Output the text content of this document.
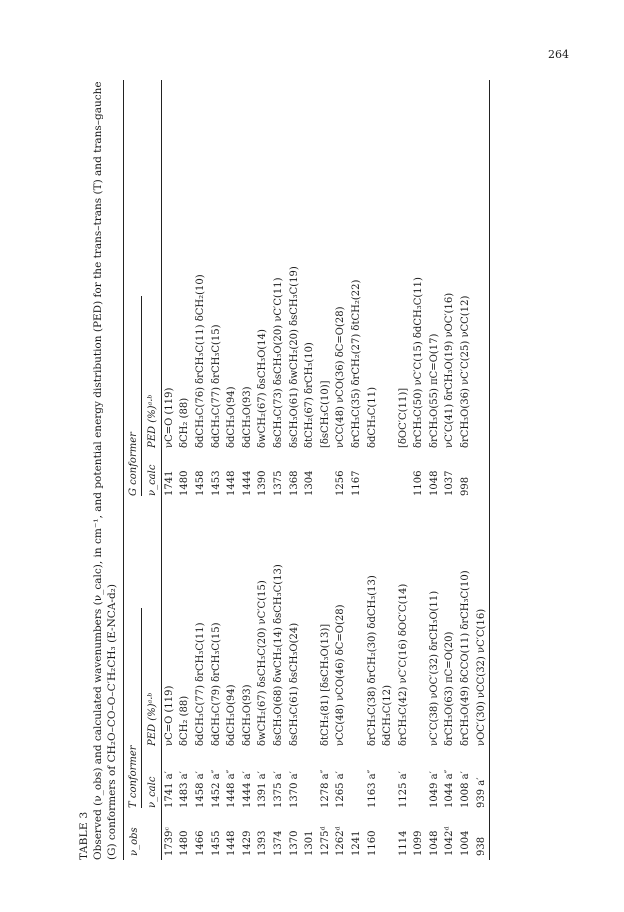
264
TABLE 3 Observed (ν_obs) and calculated wavenumbers (ν_calc), in cm⁻¹, and potential energy distribution (PED) for the trans–trans (T) and trans–gauche (G) conformers of CH₂O–CO–O–C′H₂CH₃ (E-NCA-d₂) ν_obs	T conformer		G conformer	
	ν_calc	PED (%)ᵃ·ᵇ	ν_calc	PED (%)ᵃ·ᵇ
1739ᶜ	1741 a′	νC=O (119)	1741	νC=O (119)
1480	1483 a′	δCH₂ (88)	1480	δCH₂ (88)
1466	1458 a′	δdCH₃C(77) δrCH₃C(11)	1458	δdCH₃C(76) δrCH₃C(11) δCH₂(10)
1455	1452 a″	δdCH₃C(79) δrCH₃C(15)	1453	δdCH₃C(77) δrCH₃C(15)
1448	1448 a″	δdCH₃O(94)	1448	δdCH₃O(94)
1429	1444 a′	δdCH₃O(93)	1444	δdCH₃O(93)
1393	1391 a′	δwCH₂(67) δsCH₃C(20) νC′C(15)	1390	δwCH₂(67) δsCH₃O(14)
1374	1375 a′	δsCH₃O(68) δwCH₂(14) δsCH₃C(13)	1375	δsCH₃C(73) δsCH₃O(20) νC′C(11)
1370	1370 a′	δsCH₃C(61) δsCH₃O(24)	1368	δsCH₃O(61) δwCH₂(20) δsCH₃C(19)
1301			1304	δtCH₂(67) δrCH₃(10)
1275ᵈ	1278 a″	δtCH₂(81) [δsCH₃O(13)]		[δsCH₃C(10)]
1262ᵈ	1265 a′	νCC(48) νCO(46) δC=O(28)	1256	νCC(48) νCO(36) δC=O(28)
1241			1167	δrCH₃C(35) δrCH₂(27) δtCH₂(22)
1160	1163 a″	δrCH₃C(38) δrCH₂(30) δdCH₃(13)		δdCH₃C(11)
		δdCH₃C(12)		
1114	1125 a′	δrCH₃C(42) νC′C(16) δOC′C(14)		[δOC′C(11)]
1099			1106	δrCH₃C(50) νC′C(15) δdCH₃C(11)
1048	1049 a′	νC′C(38) νOC′(32) δrCH₃O(11)	1048	δrCH₃O(55) πC=O(17)
1042ᵈ	1044 a″	δrCH₃O(63) πC=O(20)	1037	νC′C(41) δrCH₃O(19) νOC′(16)
1004	1008 a′	δrCH₃O(49) δCCO(11) δrCH₃C(10)	998	δrCH₃O(36) νC′C(25) νCC(12)
938	939 a′	νOC′(30) νCC(32) νC′C(16)		
